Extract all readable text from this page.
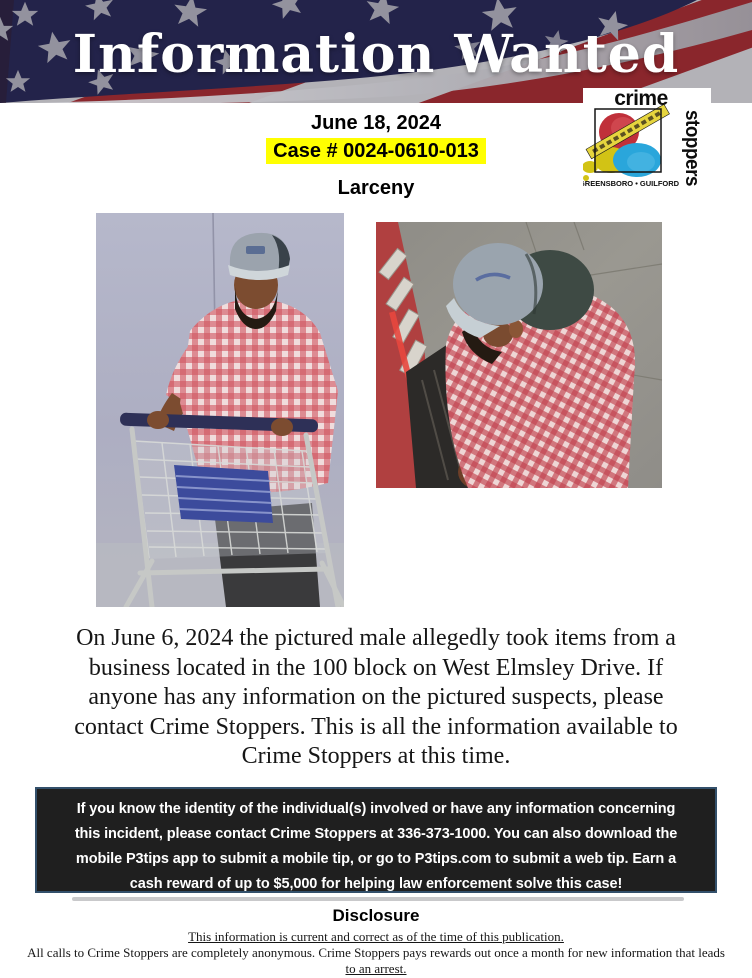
Information Wanted
crime
stoppers
GREENSBORO • GUILFORD
June 18, 2024
Case # 0024-0610-013
Larceny
On June 6, 2024 the pictured male allegedly took items from a
business located in the 100 block on West Elmsley Drive. If
anyone has any information on the pictured suspects, please
contact Crime Stoppers. This is all the information available to
Crime Stoppers at this time.
If you know the identity of the individual(s) involved or have any information concerning
this incident, please contact Crime Stoppers at 336-373-1000. You can also download the
mobile P3tips app to submit a mobile tip, or go to P3tips.com to submit a web tip. Earn a
cash reward of up to $5,000 for helping law enforcement solve this case!
Disclosure
This information is current and correct as of the time of this publication.
All calls to Crime Stoppers are completely anonymous. Crime Stoppers pays rewards out once a month for new information that leads
to an arrest.
